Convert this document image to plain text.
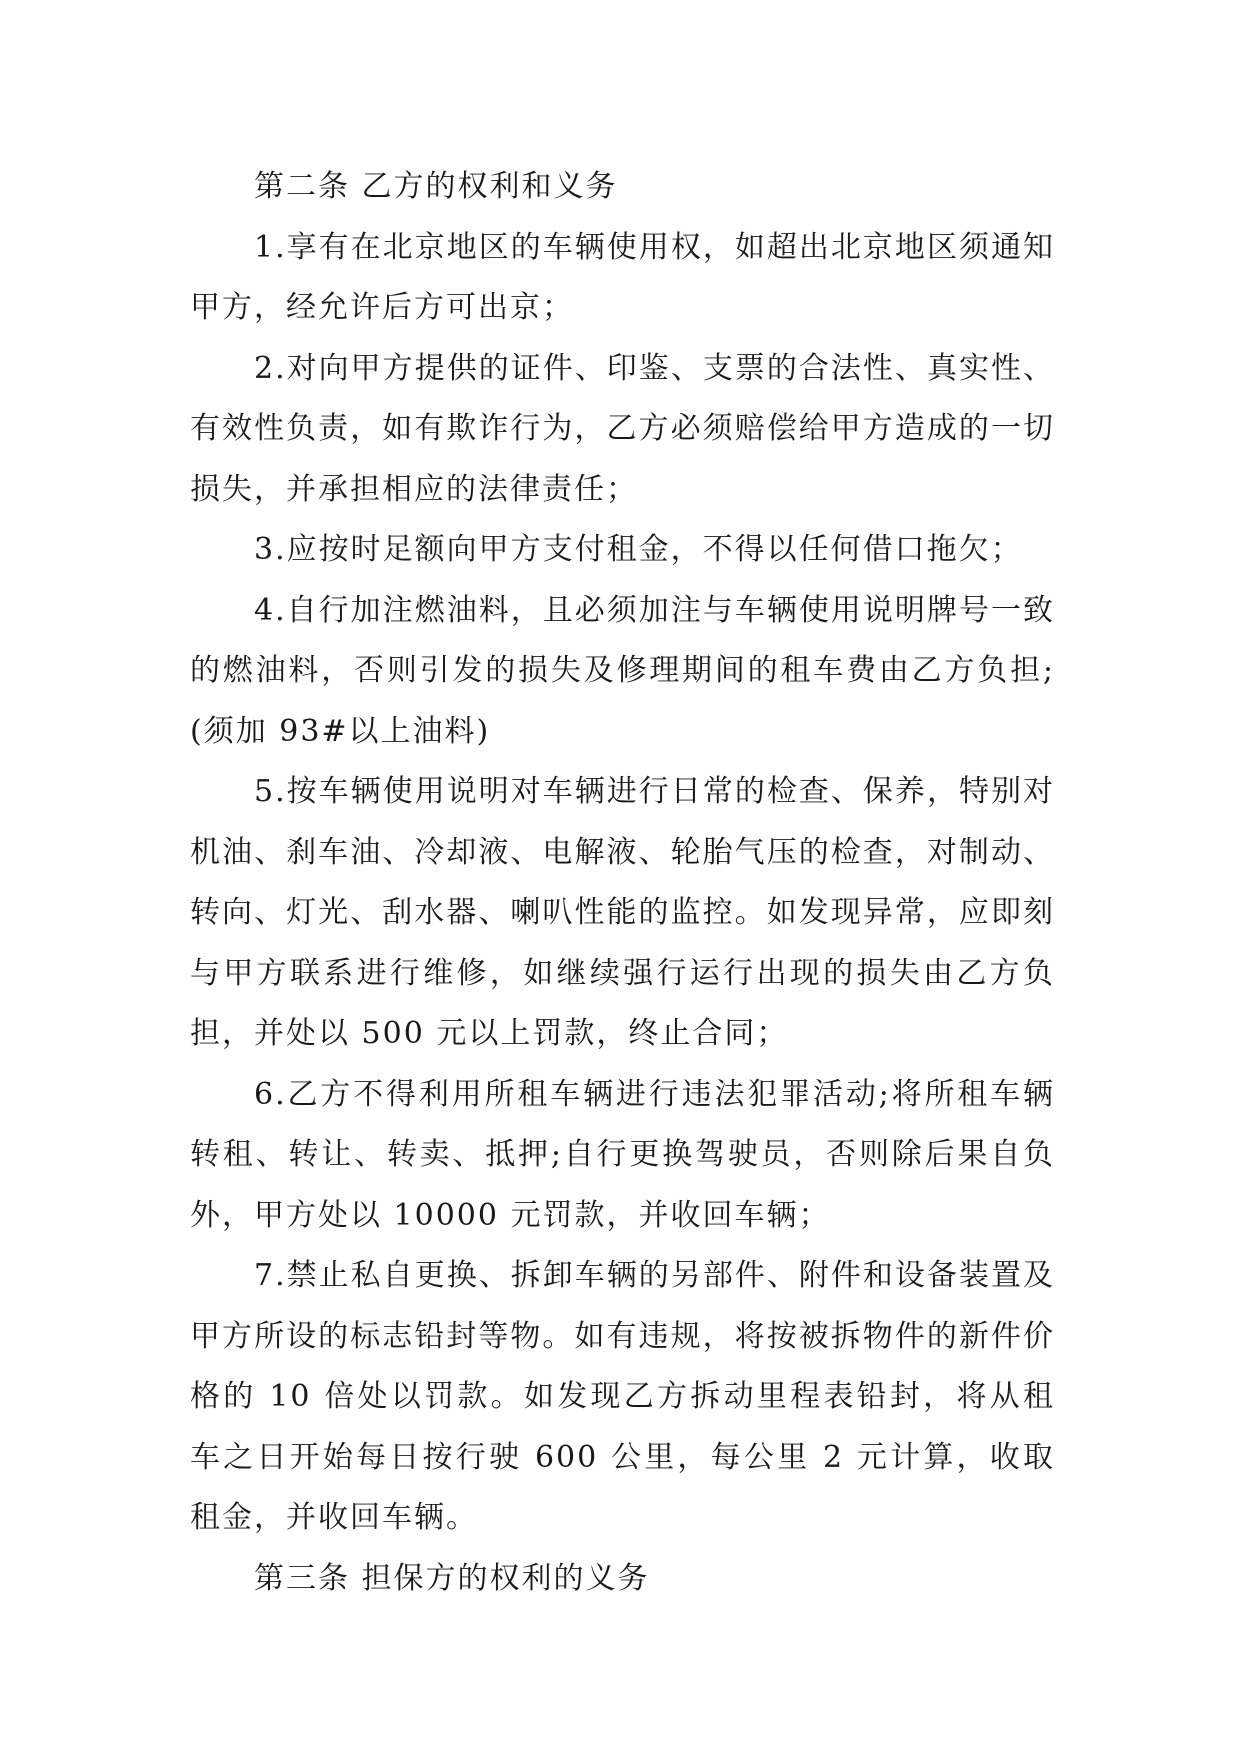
第二条 乙方的权利和义务

1.享有在北京地区的车辆使用权，如超出北京地区须通知甲方，经允许后方可出京；

2.对向甲方提供的证件、印鉴、支票的合法性、真实性、有效性负责，如有欺诈行为，乙方必须赔偿给甲方造成的一切损失，并承担相应的法律责任；

3.应按时足额向甲方支付租金，不得以任何借口拖欠；

4.自行加注燃油料，且必须加注与车辆使用说明牌号一致的燃油料，否则引发的损失及修理期间的租车费由乙方负担;(须加 93#以上油料)

5.按车辆使用说明对车辆进行日常的检查、保养，特别对机油、刹车油、冷却液、电解液、轮胎气压的检查，对制动、转向、灯光、刮水器、喇叭性能的监控。如发现异常，应即刻与甲方联系进行维修，如继续强行运行出现的损失由乙方负担，并处以 500 元以上罚款，终止合同；

6.乙方不得利用所租车辆进行违法犯罪活动;将所租车辆转租、转让、转卖、抵押;自行更换驾驶员，否则除后果自负外，甲方处以 10000 元罚款，并收回车辆；

7.禁止私自更换、拆卸车辆的另部件、附件和设备装置及甲方所设的标志铅封等物。如有违规，将按被拆物件的新件价格的 10 倍处以罚款。如发现乙方拆动里程表铅封，将从租车之日开始每日按行驶 600 公里，每公里 2 元计算，收取租金，并收回车辆。

第三条 担保方的权利的义务
